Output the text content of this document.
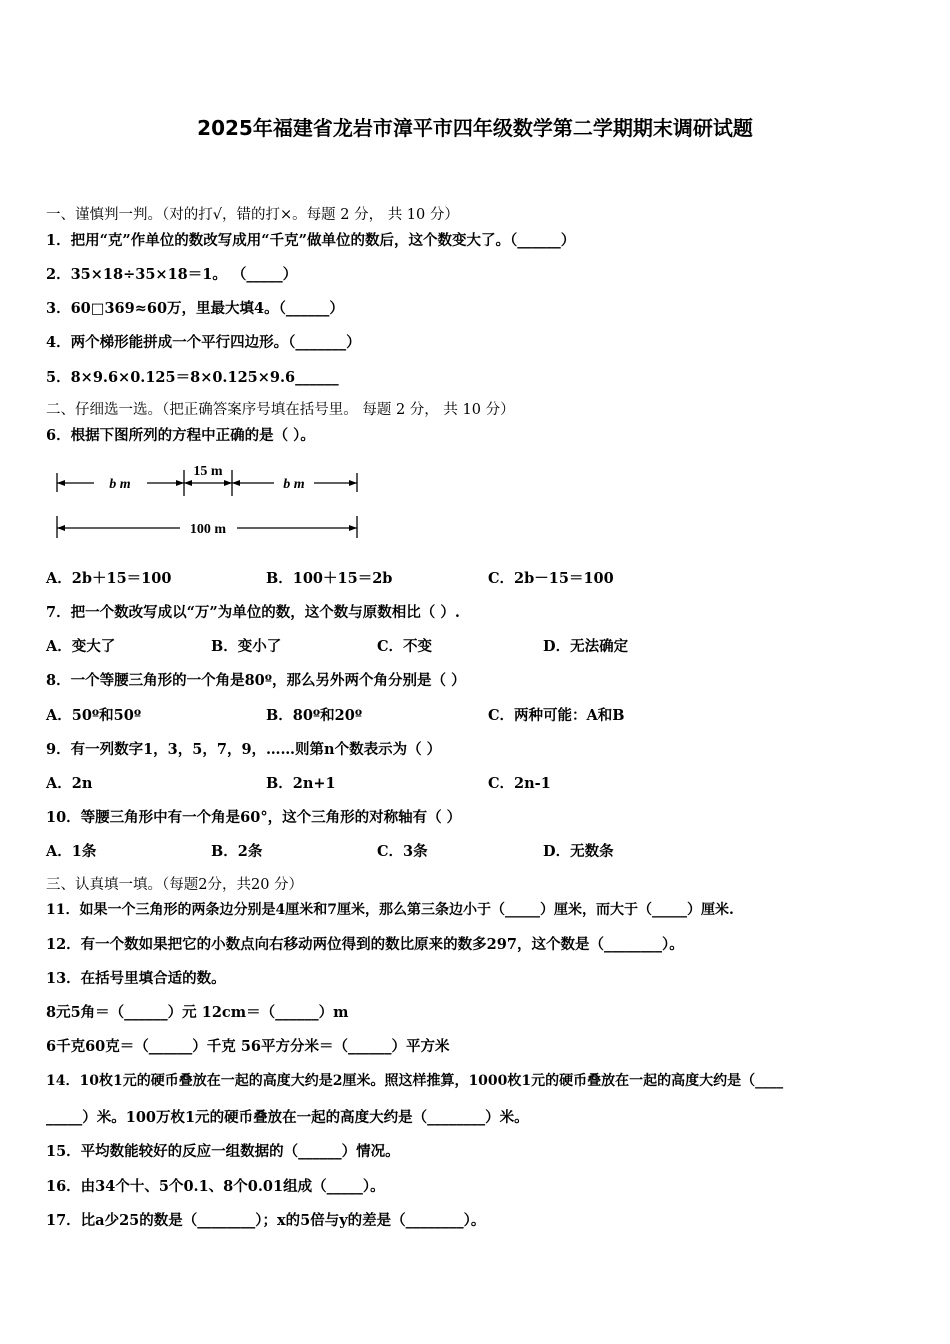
2025年福建省龙岩市漳平市四年级数学第二学期期末调研试题
一、谨慎判一判。（对的打√，错的打×。每题 2 分， 共 10 分）
1．把用“克”作单位的数改写成用“千克”做单位的数后，这个数变大了。（______）
2．35×18÷35×18＝1。 （_____）
3．60□369≈60万，里最大填4。（______）
4．两个梯形能拼成一个平行四边形。（_______）
5．8×9.6×0.125＝8×0.125×9.6______
二、仔细选一选。（把正确答案序号填在括号里。 每题 2 分， 共 10 分）
6．根据下图所列的方程中正确的是（ ）。
b m
15 m
b m
100 m
A．2b＋15＝100	B．100＋15＝2b	C．2b－15＝100
7．把一个数改写成以“万”为单位的数，这个数与原数相比（ ）.
A．变大了	B．变小了	C．不变	D．无法确定
8．一个等腰三角形的一个角是80º，那么另外两个角分别是（ ）
A．50º和50º	B．80º和20º	C．两种可能：A和B
9．有一列数字1，3，5，7，9，……则第n个数表示为（ ）
A．2n	B．2n+1	C．2n-1
10．等腰三角形中有一个角是60°，这个三角形的对称轴有（ ）
A．1条	B．2条	C．3条	D．无数条
三、认真填一填。（每题2分，共20 分）
11．如果一个三角形的两条边分别是4厘米和7厘米，那么第三条边小于（_____）厘米，而大于（_____）厘米.
12．有一个数如果把它的小数点向右移动两位得到的数比原来的数多297，这个数是（________）。
13．在括号里填合适的数。
8元5角＝（______）元 12cm＝（______）m
6千克60克＝（______）千克 56平方分米＝（______）平方米
14．10枚1元的硬币叠放在一起的高度大约是2厘米。照这样推算，1000枚1元的硬币叠放在一起的高度大约是（____
_____）米。100万枚1元的硬币叠放在一起的高度大约是（________）米。
15．平均数能较好的反应一组数据的（______）情况。
16．由34个十、5个0.1、8个0.01组成（_____）。
17．比a少25的数是（________）；x的5倍与y的差是（________）。
